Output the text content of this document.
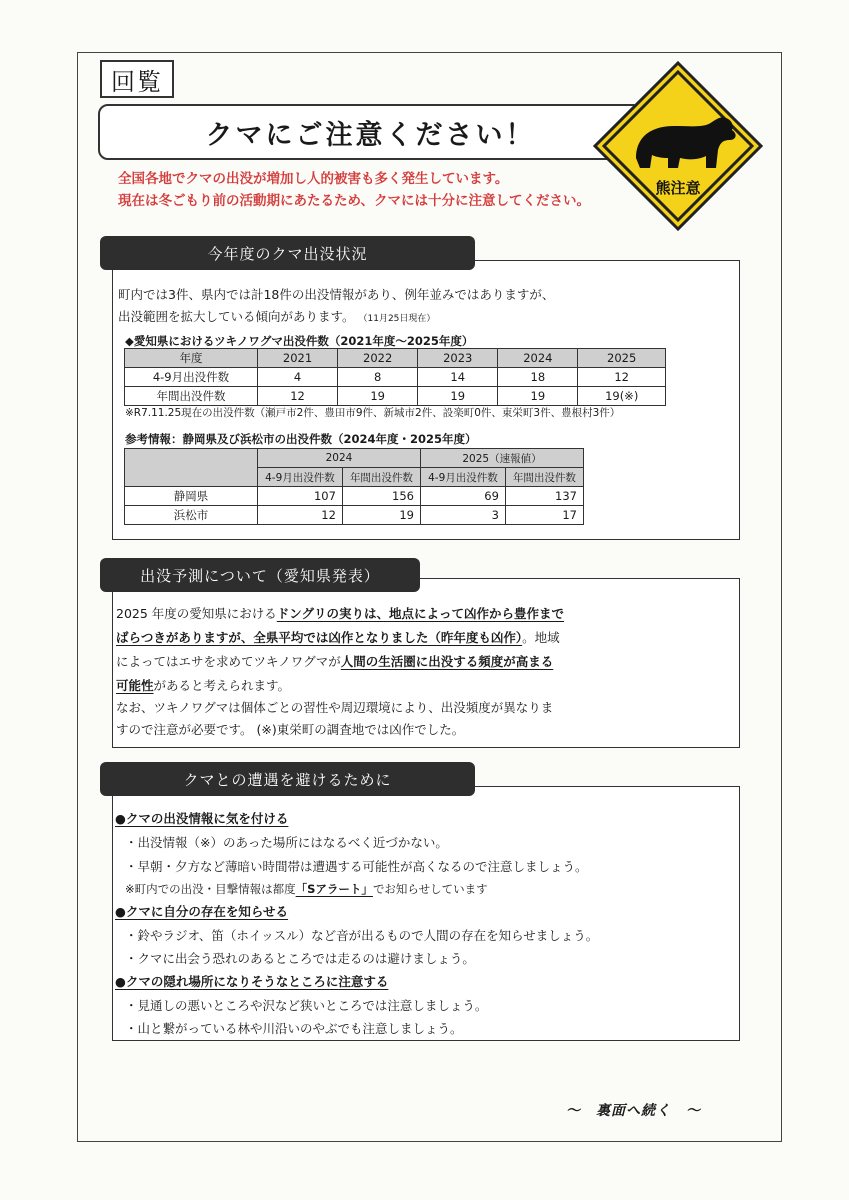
回覧
クマにご注意ください！
熊注意
全国各地でクマの出没が増加し人的被害も多く発生しています。
現在は冬ごもり前の活動期にあたるため、クマには十分に注意してください。
今年度のクマ出没状況
町内では3件、県内では計18件の出没情報があり、例年並みではありますが、
出没範囲を拡大している傾向があります。 （11月25日現在）
◆愛知県におけるツキノワグマ出没件数（2021年度～2025年度）
年度	2021	2022	2023	2024	2025
4-9月出没件数	4	8	14	18	12
年間出没件数	12	19	19	19	19(※)
※R7.11.25現在の出没件数（瀬戸市2件、豊田市9件、新城市2件、設楽町0件、東栄町3件、豊根村3件）
参考情報：静岡県及び浜松市の出没件数（2024年度・2025年度）
	2024		2025（速報値）	
	4-9月出没件数	年間出没件数	4-9月出没件数	年間出没件数
静岡県	107	156	69	137
浜松市	12	19	3	17
出没予測について（愛知県発表）
2025 年度の愛知県におけるドングリの実りは、地点によって凶作から豊作まで
ばらつきがありますが、全県平均では凶作となりました（昨年度も凶作）。地域
によってはエサを求めてツキノワグマが人間の生活圏に出没する頻度が高まる
可能性があると考えられます。
なお、ツキノワグマは個体ごとの習性や周辺環境により、出没頻度が異なりま
すので注意が必要です。 (※)東栄町の調査地では凶作でした。
クマとの遭遇を避けるために
●クマの出没情報に気を付ける
・出没情報（※）のあった場所にはなるべく近づかない。
・早朝・夕方など薄暗い時間帯は遭遇する可能性が高くなるので注意しましょう。
※町内での出没・目撃情報は都度「Sアラート」でお知らせしています
●クマに自分の存在を知らせる
・鈴やラジオ、笛（ホイッスル）など音が出るもので人間の存在を知らせましょう。
・クマに出会う恐れのあるところでは走るのは避けましょう。
●クマの隠れ場所になりそうなところに注意する
・見通しの悪いところや沢など狭いところでは注意しましょう。
・山と繋がっている林や川沿いのやぶでも注意しましょう。
～　裏面へ続く　～
